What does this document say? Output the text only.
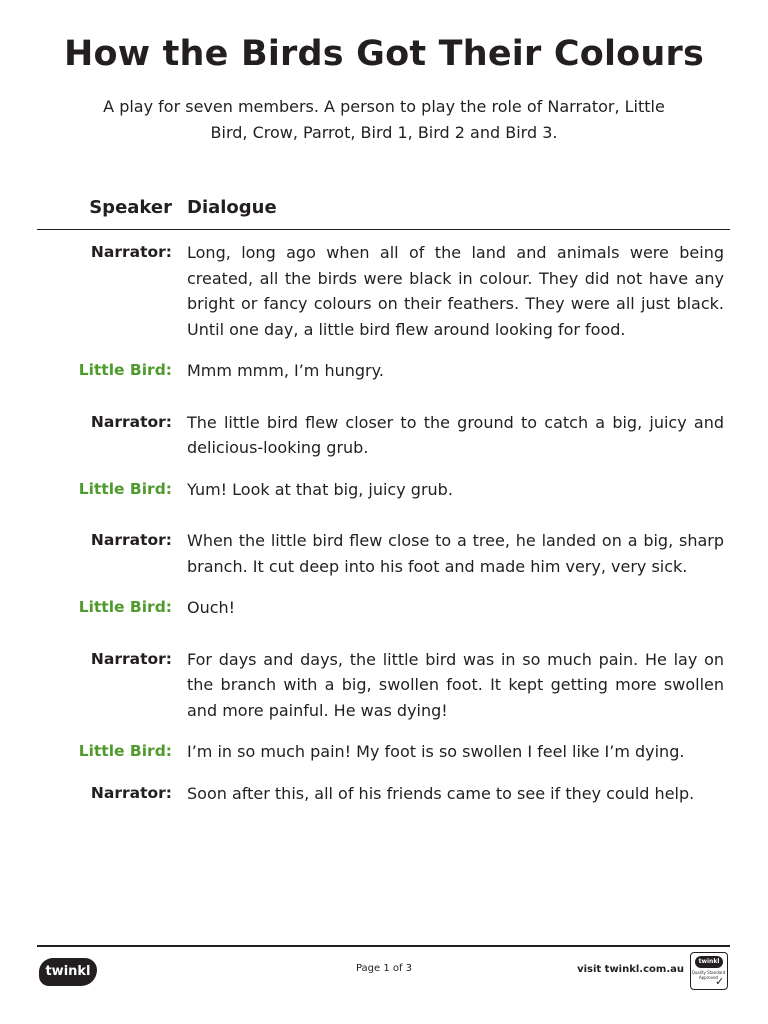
How the Birds Got Their Colours
A play for seven members. A person to play the role of Narrator, Little Bird, Crow, Parrot, Bird 1, Bird 2 and Bird 3.
Speaker Dialogue
Narrator: Long, long ago when all of the land and animals were being created, all the birds were black in colour. They did not have any bright or fancy colours on their feathers. They were all just black. Until one day, a little bird flew around looking for food.
Little Bird: Mmm mmm, I’m hungry.
Narrator: The little bird flew closer to the ground to catch a big, juicy and delicious-looking grub.
Little Bird: Yum! Look at that big, juicy grub.
Narrator: When the little bird flew close to a tree, he landed on a big, sharp branch. It cut deep into his foot and made him very, very sick.
Little Bird: Ouch!
Narrator: For days and days, the little bird was in so much pain. He lay on the branch with a big, swollen foot. It kept getting more swollen and more painful. He was dying!
Little Bird: I’m in so much pain! My foot is so swollen I feel like I’m dying.
Narrator: Soon after this, all of his friends came to see if they could help.
twinkl	Page 1 of 3	visit twinkl.com.au
twinkl
Quality Standard Approved
✓
